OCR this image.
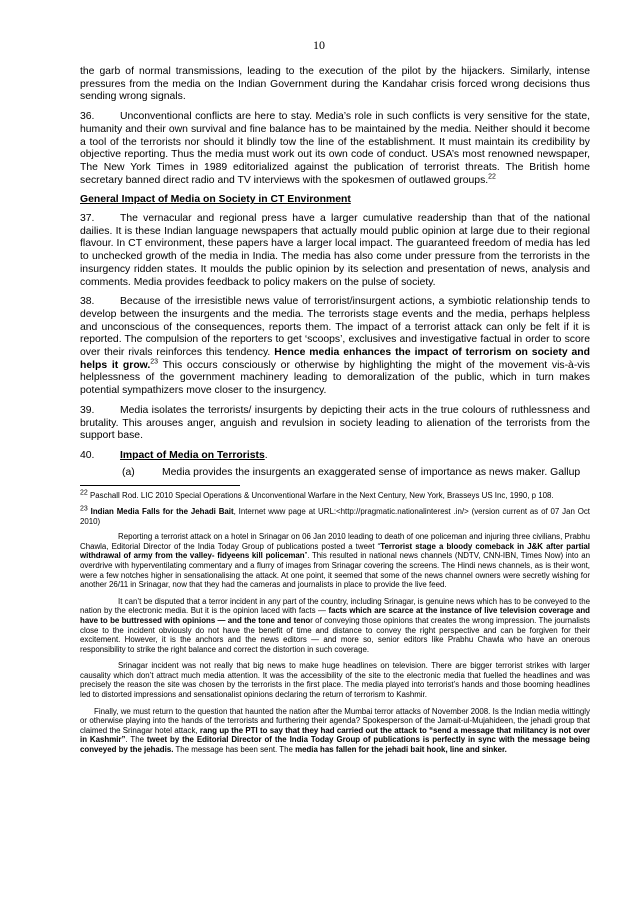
10

the garb of normal transmissions, leading to the execution of the pilot by the hijackers. Similarly, intense pressures from the media on the Indian Government during the Kandahar crisis forced wrong decisions thus sending wrong signals.

36. Unconventional conflicts are here to stay. Media’s role in such conflicts is very sensitive for the state, humanity and their own survival and fine balance has to be maintained by the media. Neither should it become a tool of the terrorists nor should it blindly tow the line of the establishment. It must maintain its credibility by objective reporting. Thus the media must work out its own code of conduct. USA’s most renowned newspaper, The New York Times in 1989 editorialized against the publication of terrorist threats. The British home secretary banned direct radio and TV interviews with the spokesmen of outlawed groups.$^{22}$

General Impact of Media on Society in CT Environment

37. The vernacular and regional press have a larger cumulative readership than that of the national dailies. It is these Indian language newspapers that actually mould public opinion at large due to their regional flavour. In CT environment, these papers have a larger local impact. The guaranteed freedom of media has led to unchecked growth of the media in India. The media has also come under pressure from the terrorists in the insurgency ridden states. It moulds the public opinion by its selection and presentation of news, analysis and comments. Media provides feedback to policy makers on the pulse of society.

38. Because of the irresistible news value of terrorist/insurgent actions, a symbiotic relationship tends to develop between the insurgents and the media. The terrorists stage events and the media, perhaps helpless and unconscious of the consequences, reports them. The impact of a terrorist attack can only be felt if it is reported. The compulsion of the reporters to get ‘scoops’, exclusives and investigative factual in order to score over their rivals reinforces this tendency. Hence media enhances the impact of terrorism on society and helps it grow.$^{23}$ This occurs consciously or otherwise by highlighting the might of the movement vis-à-vis helplessness of the government machinery leading to demoralization of the public, which in turn makes potential sympathizers move closer to the insurgency.

39. Media isolates the terrorists/ insurgents by depicting their acts in the true colours of ruthlessness and brutality. This arouses anger, anguish and revulsion in society leading to alienation of the terrorists from the support base.

40. Impact of Media on Terrorists.

(a)	Media provides the insurgents an exaggerated sense of importance as news maker. Gallup

$^{22}$ Paschall Rod. LIC 2010 Special Operations & Unconventional Warfare in the Next Century, New York, Brasseys US Inc, 1990, p 108.

$^{23}$ Indian Media Falls for the Jehadi Bait, Internet www page at URL:<http://pragmatic.nationalinterest .in/> (version current as of 07 Jan Oct 2010)

Reporting a terrorist attack on a hotel in Srinagar on 06 Jan 2010 leading to death of one policeman and injuring three civilians, Prabhu Chawla, Editorial Director of the India Today Group of publications posted a tweet “Terrorist stage a bloody comeback in J&K after partial withdrawal of army from the valley- fidyeens kill policeman”. This resulted in national news channels (NDTV, CNN-IBN, Times Now) into an overdrive with hyperventilating commentary and a flurry of images from Srinagar covering the screens. The Hindi news channels, as is their wont, were a few notches higher in sensationalising the attack. At one point, it seemed that some of the news channel owners were secretly wishing for another 26/11 in Srinagar, now that they had the cameras and journalists in place to provide the live feed.

It can’t be disputed that a terror incident in any part of the country, including Srinagar, is genuine news which has to be conveyed to the nation by the electronic media. But it is the opinion laced with facts — facts which are scarce at the instance of live television coverage and have to be buttressed with opinions — and the tone and tenor of conveying those opinions that creates the wrong impression. The journalists close to the incident obviously do not have the benefit of time and distance to convey the right perspective and can be forgiven for their excitement. However, it is the anchors and the news editors — and more so, senior editors like Prabhu Chawla who have an onerous responsibility to strike the right balance and correct the distortion in such coverage.

Srinagar incident was not really that big news to make huge headlines on television. There are bigger terrorist strikes with larger causality which don’t attract much media attention. It was the accessibility of the site to the electronic media that fuelled the headlines and was precisely the reason the site was chosen by the terrorists in the first place. The media played into terrorist’s hands and those booming headlines led to distorted impressions and sensationalist opinions declaring the return of terrorism to Kashmir.

Finally, we must return to the question that haunted the nation after the Mumbai terror attacks of November 2008. Is the Indian media wittingly or otherwise playing into the hands of the terrorists and furthering their agenda? Spokesperson of the Jamait-ul-Mujahideen, the jehadi group that claimed the Srinagar hotel attack, rang up the PTI to say that they had carried out the attack to “send a message that militancy is not over in Kashmir”. The tweet by the Editorial Director of the India Today Group of publications is perfectly in sync with the message being conveyed by the jehadis. The message has been sent. The media has fallen for the jehadi bait hook, line and sinker.
